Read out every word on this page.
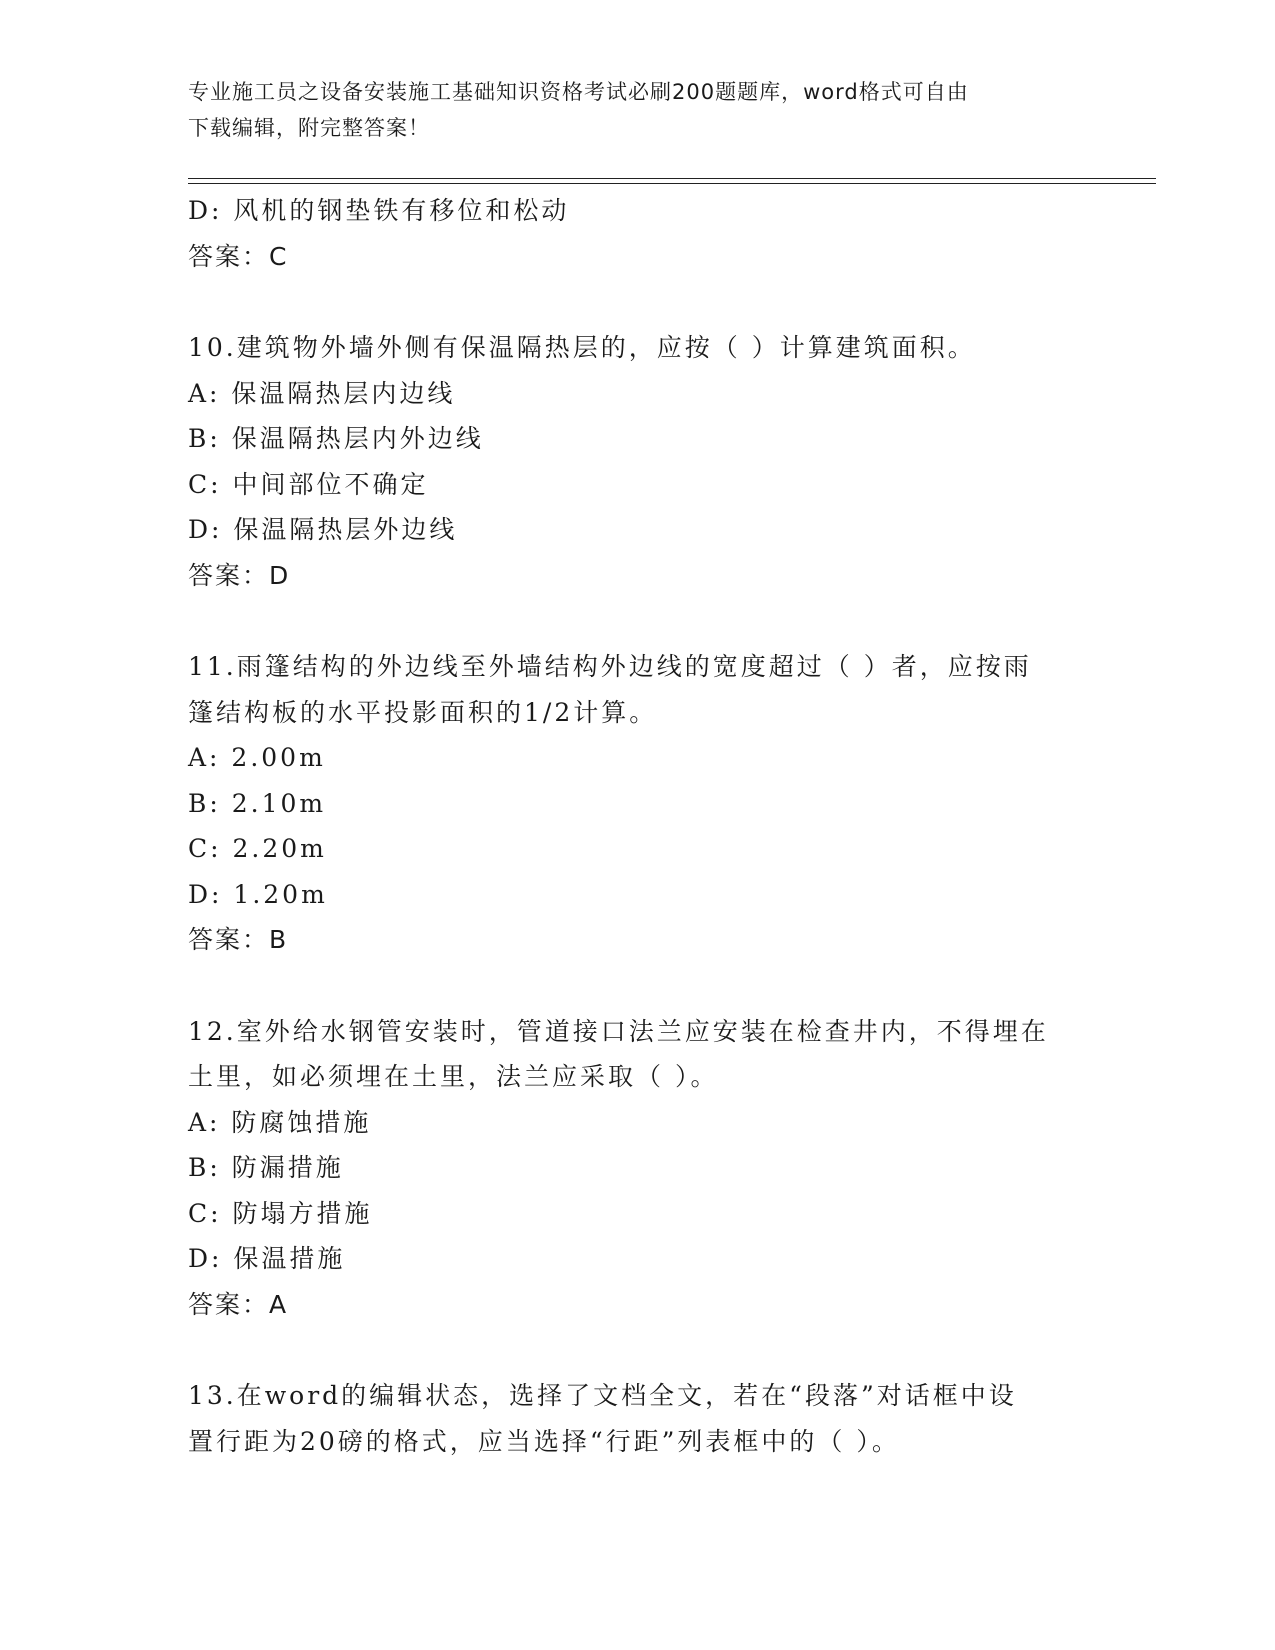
专业施工员之设备安装施工基础知识资格考试必刷200题题库，word格式可自由
下载编辑，附完整答案！
D: 风机的钢垫铁有移位和松动
答案：C
10.建筑物外墙外侧有保温隔热层的，应按（ ）计算建筑面积。
A: 保温隔热层内边线
B: 保温隔热层内外边线
C: 中间部位不确定
D: 保温隔热层外边线
答案：D
11.雨篷结构的外边线至外墙结构外边线的宽度超过（ ）者，应按雨
篷结构板的水平投影面积的1/2计算。
A: 2.00m
B: 2.10m
C: 2.20m
D: 1.20m
答案：B
12.室外给水钢管安装时，管道接口法兰应安装在检查井内，不得埋在
土里，如必须埋在土里，法兰应采取（ ）。
A: 防腐蚀措施
B: 防漏措施
C: 防塌方措施
D: 保温措施
答案：A
13.在word的编辑状态，选择了文档全文，若在“段落”对话框中设
置行距为20磅的格式，应当选择“行距”列表框中的（ ）。
